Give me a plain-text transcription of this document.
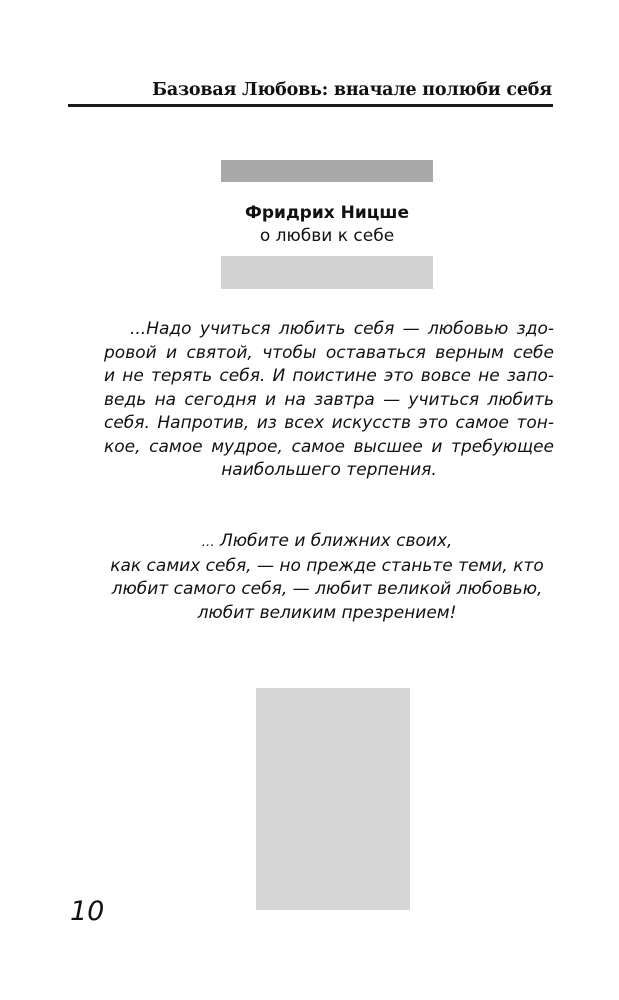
Базовая Любовь: вначале полюби себя
Фридрих Ницше
о любви к себе
...Надо учиться любить себя — любовью здо-
ровой и святой, чтобы оставаться верным себе
и не терять себя. И поистине это вовсе не запо-
ведь на сегодня и на завтра — учиться любить
себя. Напротив, из всех искусств это самое тон-
кое, самое мудрое, самое высшее и требующее
наибольшего терпения.
… Любите и ближних своих,
как самих себя, — но прежде станьте теми, кто
любит самого себя, — любит великой любовью,
любит великим презрением!
10
